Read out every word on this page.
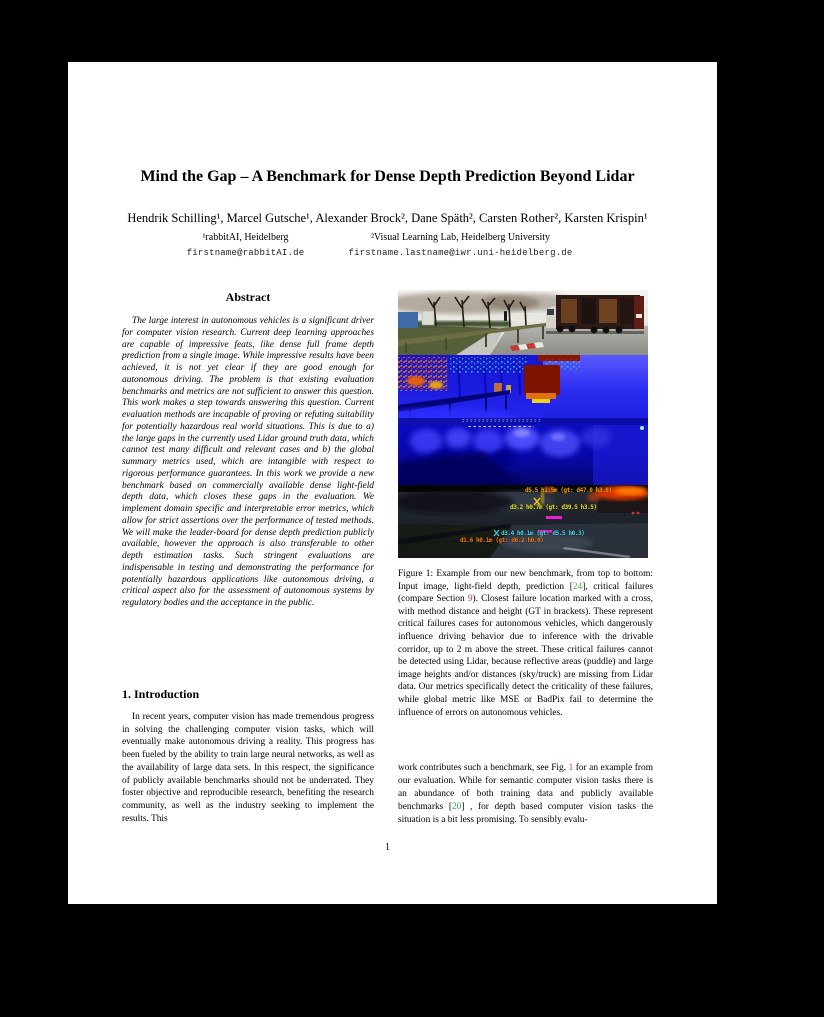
Mind the Gap – A Benchmark for Dense Depth Prediction Beyond Lidar
Hendrik Schilling¹, Marcel Gutsche¹, Alexander Brock², Dane Späth², Carsten Rother², Karsten Krispin¹
¹rabbitAI, Heidelberg	²Visual Learning Lab, Heidelberg University
firstname@rabbitAI.de	firstname.lastname@iwr.uni-heidelberg.de
Abstract
The large interest in autonomous vehicles is a significant driver for computer vision research. Current deep learning approaches are capable of impressive feats, like dense full frame depth prediction from a single image. While impressive results have been achieved, it is not yet clear if they are good enough for autonomous driving. The problem is that existing evaluation benchmarks and metrics are not sufficient to answer this question. This work makes a step towards answering this question. Current evaluation methods are incapable of proving or refuting suitability for potentially hazardous real world situations. This is due to a) the large gaps in the currently used Lidar ground truth data, which cannot test many difficult and relevant cases and b) the global summary metrics used, which are intangible with respect to rigorous performance guarantees. In this work we provide a new benchmark based on commercially available dense light-field depth data, which closes these gaps in the evaluation. We implement domain specific and interpretable error metrics, which allow for strict assertions over the performance of tested methods. We will make the leader-board for dense depth prediction publicly available, however the approach is also transferable to other depth estimation tasks. Such stringent evaluations are indispensable in testing and demonstrating the performance for potentially hazardous applications like autonomous driving, a critical aspect also for the assessment of autonomous systems by regulatory bodies and the acceptance in the public.
1. Introduction
In recent years, computer vision has made tremendous progress in solving the challenging computer vision tasks, which will eventually make autonomous driving a reality. This progress has been fueled by the ability to train large neural networks, as well as the availability of large data sets. In this respect, the significance of publicly available benchmarks should not be underrated. They foster objective and reproducible research, benefiting the research community, as well as the industry seeking to implement the results. This
d5.5 h1.5m (gt: d47.0 h3.0)
d3.2 h0.7m (gt: d39.5 h3.5)
d3.4 h0.1m (gt: d5.5 h0.3)
d1.6 h0.1m (gt: d6.2 h0.0)
Figure 1: Example from our new benchmark, from top to bottom: Input image, light-field depth, prediction [24], critical failures (compare Section 9). Closest failure location marked with a cross, with method distance and height (GT in brackets). These represent critical failures cases for autonomous vehicles, which dangerously influence driving behavior due to inference with the drivable corridor, up to 2 m above the street. These critical failures cannot be detected using Lidar, because reflective areas (puddle) and large image heights and/or distances (sky/truck) are missing from Lidar data. Our metrics specifically detect the criticality of these failures, while global metric like MSE or BadPix fail to determine the influence of errors on autonomous vehicles.
work contributes such a benchmark, see Fig. 1 for an example from our evaluation. While for semantic computer vision tasks there is an abundance of both training data and publicly available benchmarks [20] , for depth based computer vision tasks the situation is a bit less promising. To sensibly evalu-
1
